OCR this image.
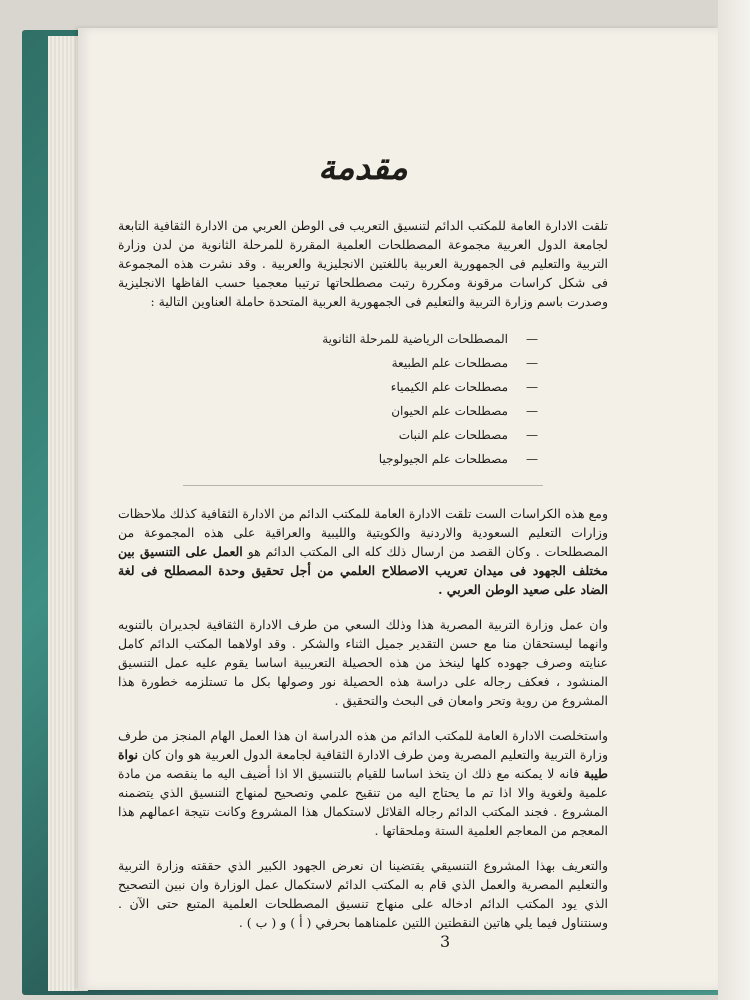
مقدمة

تلقت الادارة العامة للمكتب الدائم لتنسيق التعريب فى الوطن العربي من الادارة الثقافية التابعة لجامعة الدول العربية مجموعة المصطلحات العلمية المقررة للمرحلة الثانوية من لدن وزارة التربية والتعليم فى الجمهورية العربية باللغتين الانجليزية والعربية . وقد نشرت هذه المجموعة فى شكل كراسات مرقونة ومكررة رتبت مصطلحاتها ترتيبا معجميا حسب الفاظها الانجليزية وصدرت باسم وزارة التربية والتعليم فى الجمهورية العربية المتحدة حاملة العناوين التالية :

—المصطلحات الرياضية للمرحلة الثانوية
—مصطلحات علم الطبيعة
—مصطلحات علم الكيمياء
—مصطلحات علم الحيوان
—مصطلحات علم النبات
—مصطلحات علم الجيولوجيا

ومع هذه الكراسات الست تلقت الادارة العامة للمكتب الدائم من الادارة الثقافية كذلك ملاحظات وزارات التعليم السعودية والاردنية والكويتية والليبية والعراقية على هذه المجموعة من المصطلحات . وكان القصد من ارسال ذلك كله الى المكتب الدائم هو العمل على التنسيق بين مختلف الجهود فى ميدان تعريب الاصطلاح العلمي من أجل تحقيق وحدة المصطلح فى لغة الضاد على صعيد الوطن العربي .

وان عمل وزارة التربية المصرية هذا وذلك السعي من طرف الادارة الثقافية لجديران بالتنويه وانهما ليستحقان منا مع حسن التقدير جميل الثناء والشكر . وقد اولاهما المكتب الدائم كامل عنايته وصرف جهوده كلها لينخذ من هذه الحصيلة التعريبية اساسا يقوم عليه عمل التنسيق المنشود ، فعكف رجاله على دراسة هذه الحصيلة نور وصولها بكل ما تستلزمه خطورة هذا المشروع من روية وتحر وامعان فى البحث والتحقيق .

واستخلصت الادارة العامة للمكتب الدائم من هذه الدراسة ان هذا العمل الهام المنجز من طرف وزارة التربية والتعليم المصرية ومن طرف الادارة الثقافية لجامعة الدول العربية هو وان كان نواة طيبة فانه لا يمكنه مع ذلك ان يتخذ اساسا للقيام بالتنسيق الا اذا أضيف اليه ما ينقصه من مادة علمية ولغوية والا اذا تم ما يحتاج اليه من تنقيح علمي وتصحيح لمنهاج التنسيق الذي يتضمنه المشروع . فجند المكتب الدائم رجاله القلائل لاستكمال هذا المشروع وكانت نتيجة اعمالهم هذا المعجم من المعاجم العلمية الستة وملحقاتها .

والتعريف بهذا المشروع التنسيقي يقتضينا ان نعرض الجهود الكبير الذي حققته وزارة التربية والتعليم المصرية والعمل الذي قام به المكتب الدائم لاستكمال عمل الوزارة وان نبين التصحيح الذي يود المكتب الدائم ادخاله على منهاج تنسيق المصطلحات العلمية المتبع حتى الآن . وسنتناول فيما يلي هاتين النقطتين اللتين علمناهما بحرفي ( أ ) و ( ب ) .

3
